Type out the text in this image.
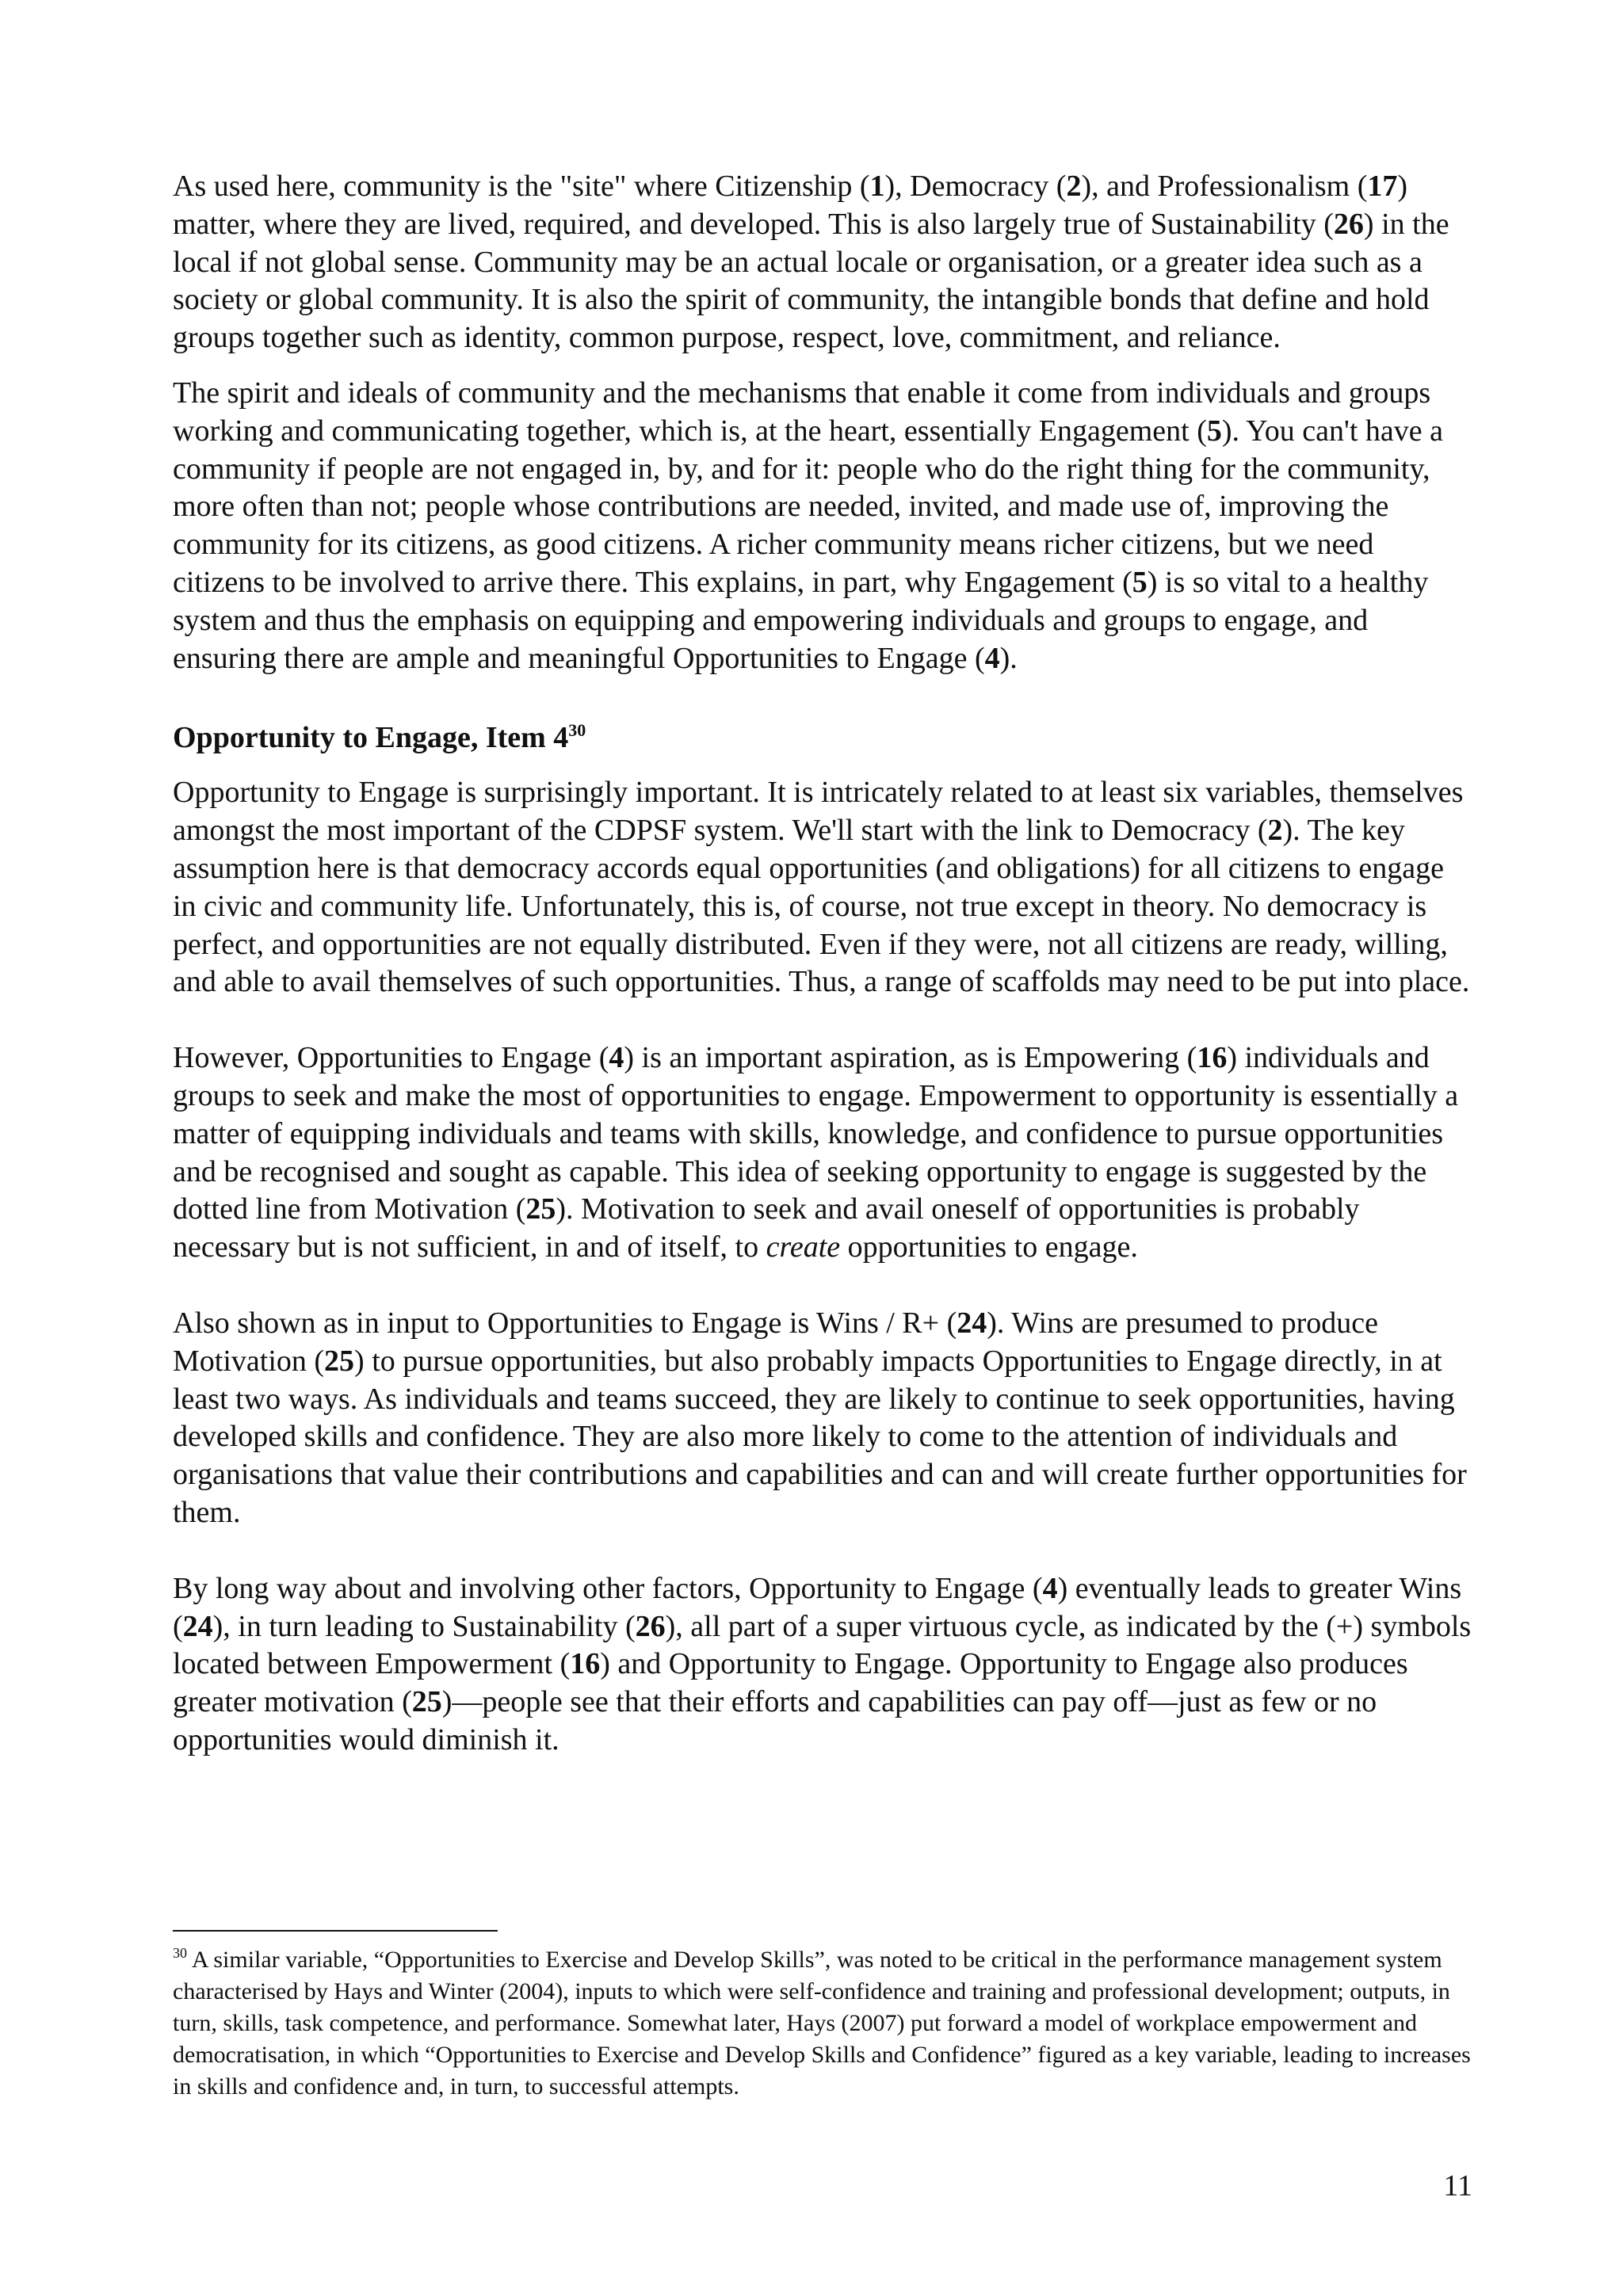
As used here, community is the "site" where Citizenship (1), Democracy (2), and Professionalism (17) matter, where they are lived, required, and developed. This is also largely true of Sustainability (26) in the local if not global sense. Community may be an actual locale or organisation, or a greater idea such as a society or global community. It is also the spirit of community, the intangible bonds that define and hold groups together such as identity, common purpose, respect, love, commitment, and reliance.

The spirit and ideals of community and the mechanisms that enable it come from individuals and groups working and communicating together, which is, at the heart, essentially Engagement (5). You can't have a community if people are not engaged in, by, and for it: people who do the right thing for the community, more often than not; people whose contributions are needed, invited, and made use of, improving the community for its citizens, as good citizens. A richer community means richer citizens, but we need citizens to be involved to arrive there. This explains, in part, why Engagement (5) is so vital to a healthy system and thus the emphasis on equipping and empowering individuals and groups to engage, and ensuring there are ample and meaningful Opportunities to Engage (4).

Opportunity to Engage, Item $4^{30}$

Opportunity to Engage is surprisingly important. It is intricately related to at least six variables, themselves amongst the most important of the CDPSF system. We'll start with the link to Democracy (2). The key assumption here is that democracy accords equal opportunities (and obligations) for all citizens to engage in civic and community life. Unfortunately, this is, of course, not true except in theory. No democracy is perfect, and opportunities are not equally distributed. Even if they were, not all citizens are ready, willing, and able to avail themselves of such opportunities. Thus, a range of scaffolds may need to be put into place.

However, Opportunities to Engage (4) is an important aspiration, as is Empowering (16) individuals and groups to seek and make the most of opportunities to engage. Empowerment to opportunity is essentially a matter of equipping individuals and teams with skills, knowledge, and confidence to pursue opportunities and be recognised and sought as capable. This idea of seeking opportunity to engage is suggested by the dotted line from Motivation (25). Motivation to seek and avail oneself of opportunities is probably necessary but is not sufficient, in and of itself, to create opportunities to engage.

Also shown as in input to Opportunities to Engage is Wins / R+ (24). Wins are presumed to produce Motivation (25) to pursue opportunities, but also probably impacts Opportunities to Engage directly, in at least two ways. As individuals and teams succeed, they are likely to continue to seek opportunities, having developed skills and confidence. They are also more likely to come to the attention of individuals and organisations that value their contributions and capabilities and can and will create further opportunities for them.

By long way about and involving other factors, Opportunity to Engage (4) eventually leads to greater Wins (24), in turn leading to Sustainability (26), all part of a super virtuous cycle, as indicated by the (+) symbols located between Empowerment (16) and Opportunity to Engage. Opportunity to Engage also produces greater motivation (25)—people see that their efforts and capabilities can pay off—just as few or no opportunities would diminish it.

$^{30}$ A similar variable, “Opportunities to Exercise and Develop Skills”, was noted to be critical in the performance management system characterised by Hays and Winter (2004), inputs to which were self-confidence and training and professional development; outputs, in turn, skills, task competence, and performance. Somewhat later, Hays (2007) put forward a model of workplace empowerment and democratisation, in which “Opportunities to Exercise and Develop Skills and Confidence” figured as a key variable, leading to increases in skills and confidence and, in turn, to successful attempts.

11
